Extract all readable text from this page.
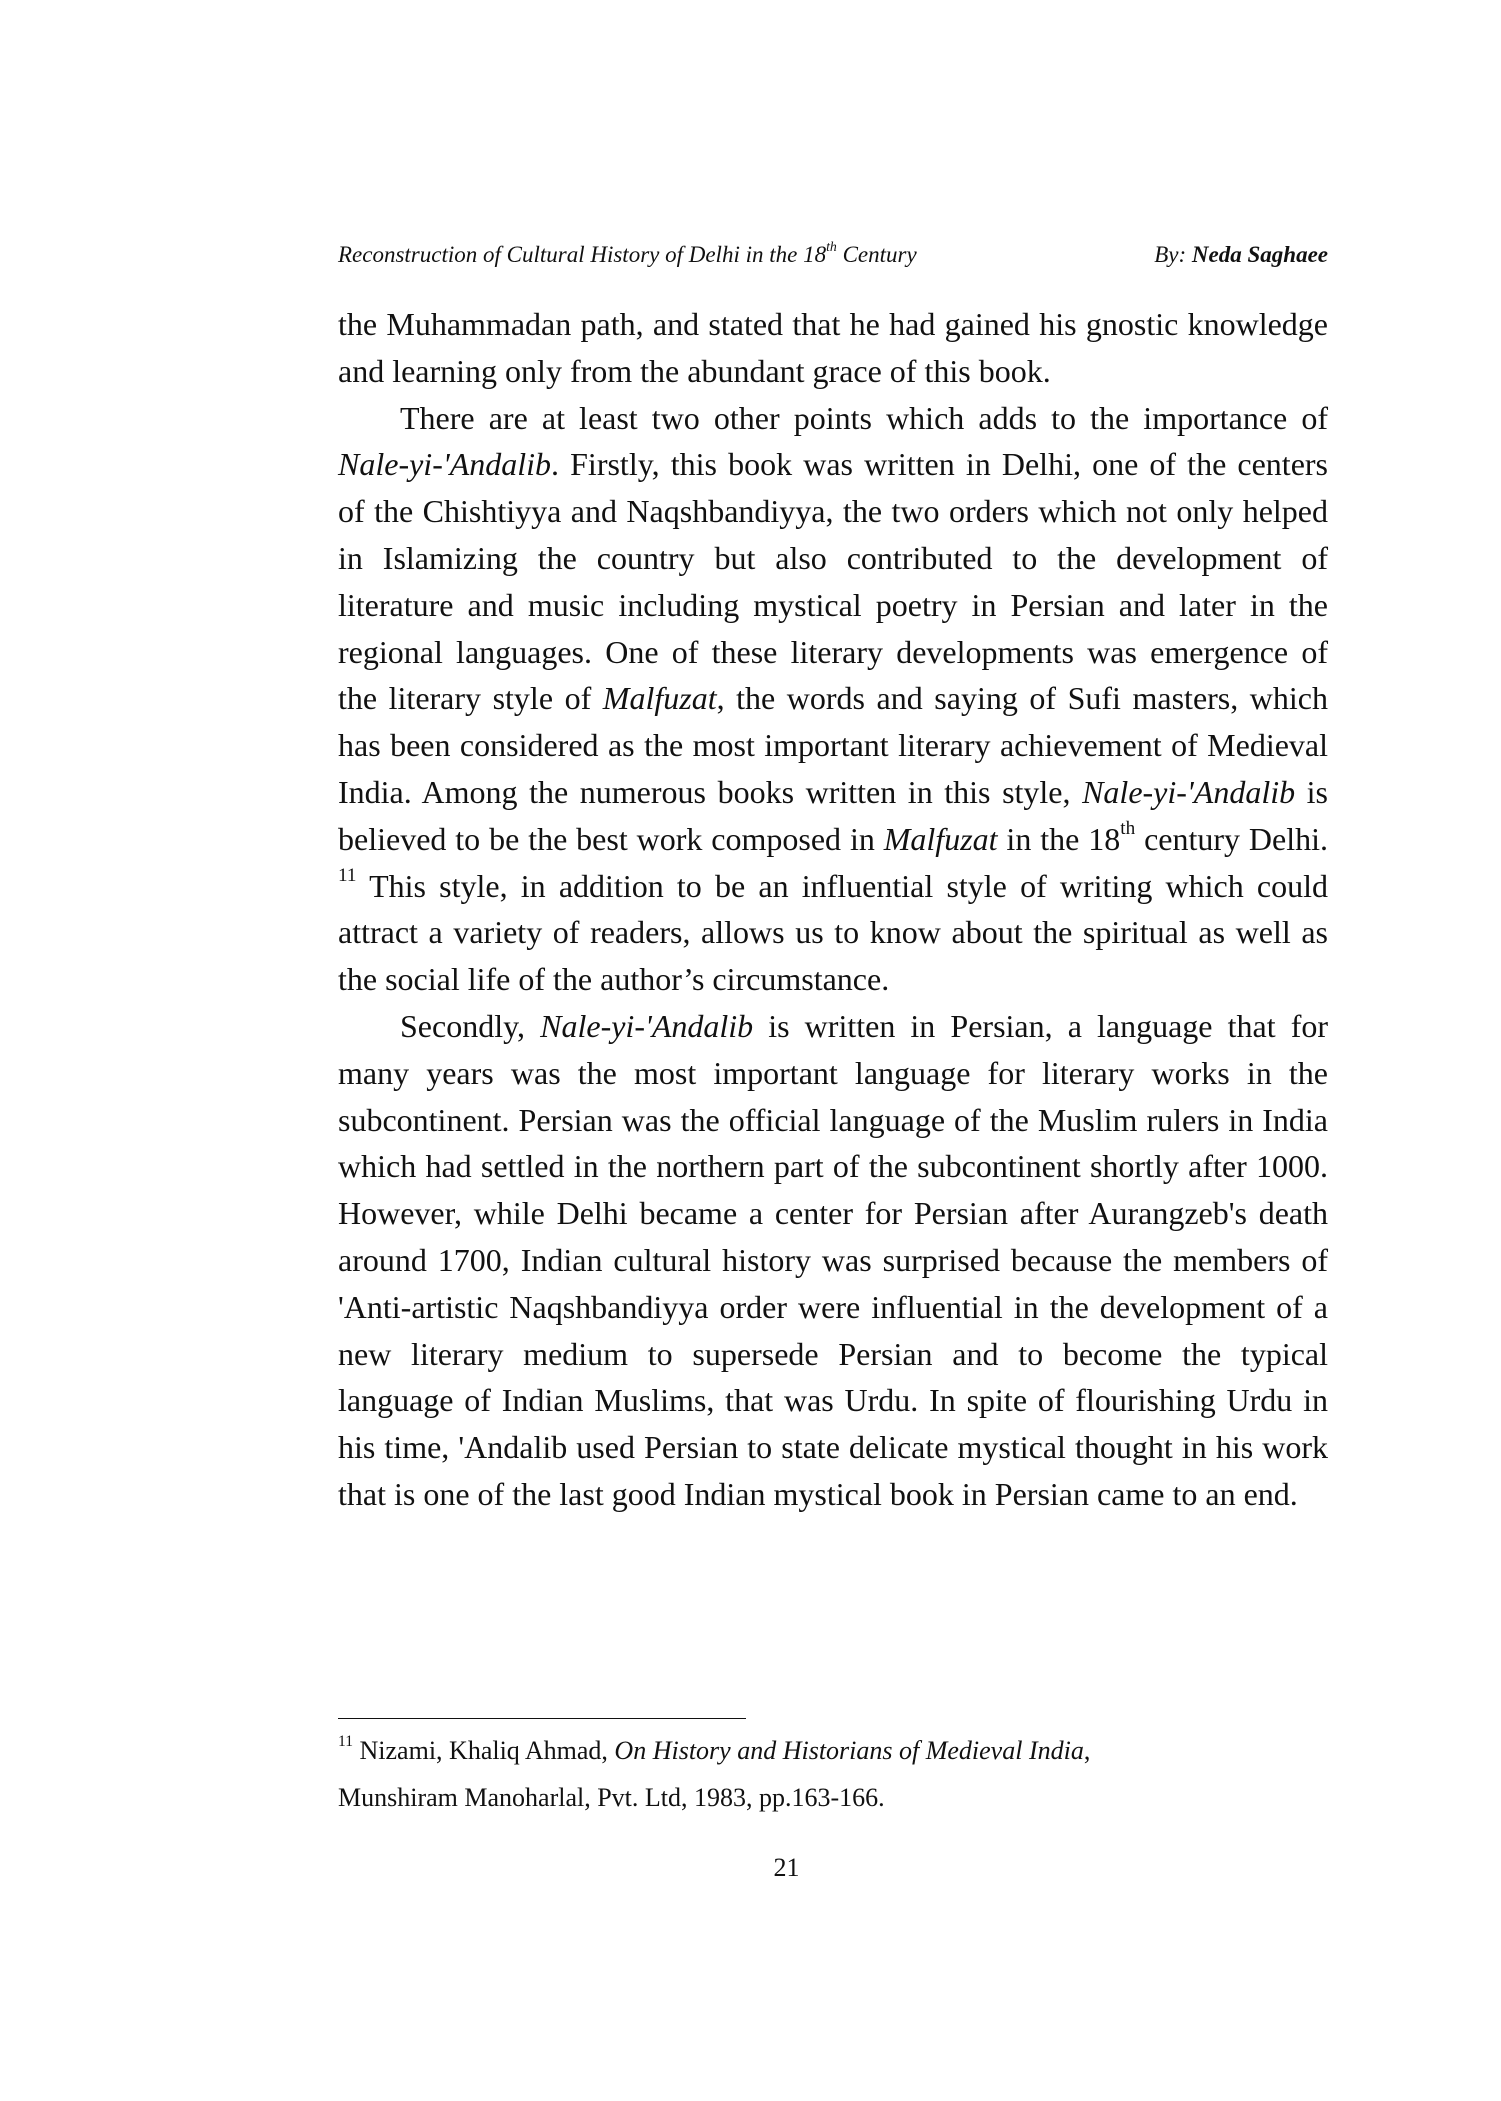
Reconstruction of Cultural History of Delhi in the 18th Century	By: Neda Saghaee

the Muhammadan path, and stated that he had gained his gnostic knowledge and learning only from the abundant grace of this book.

There are at least two other points which adds to the importance of Nale-yi-'Andalib. Firstly, this book was written in Delhi, one of the centers of the Chishtiyya and Naqshbandiyya, the two orders which not only helped in Islamizing the country but also contributed to the development of literature and music including mystical poetry in Persian and later in the regional languages. One of these literary developments was emergence of the literary style of Malfuzat, the words and saying of Sufi masters, which has been considered as the most important literary achievement of Medieval India. Among the numerous books written in this style, Nale-yi-'Andalib is believed to be the best work composed in Malfuzat in the 18th century Delhi. $^{11}$ This style, in addition to be an influential style of writing which could attract a variety of readers, allows us to know about the spiritual as well as the social life of the author’s circumstance.

Secondly, Nale-yi-'Andalib is written in Persian, a language that for many years was the most important language for literary works in the subcontinent. Persian was the official language of the Muslim rulers in India which had settled in the northern part of the subcontinent shortly after 1000. However, while Delhi became a center for Persian after Aurangzeb's death around 1700, Indian cultural history was surprised because the members of 'Anti-artistic Naqshbandiyya order were influential in the development of a new literary medium to supersede Persian and to become the typical language of Indian Muslims, that was Urdu. In spite of flourishing Urdu in his time, 'Andalib used Persian to state delicate mystical thought in his work that is one of the last good Indian mystical book in Persian came to an end.

$^{11}$ Nizami, Khaliq Ahmad, On History and Historians of Medieval India,

Munshiram Manoharlal, Pvt. Ltd, 1983, pp.163-166.

21
